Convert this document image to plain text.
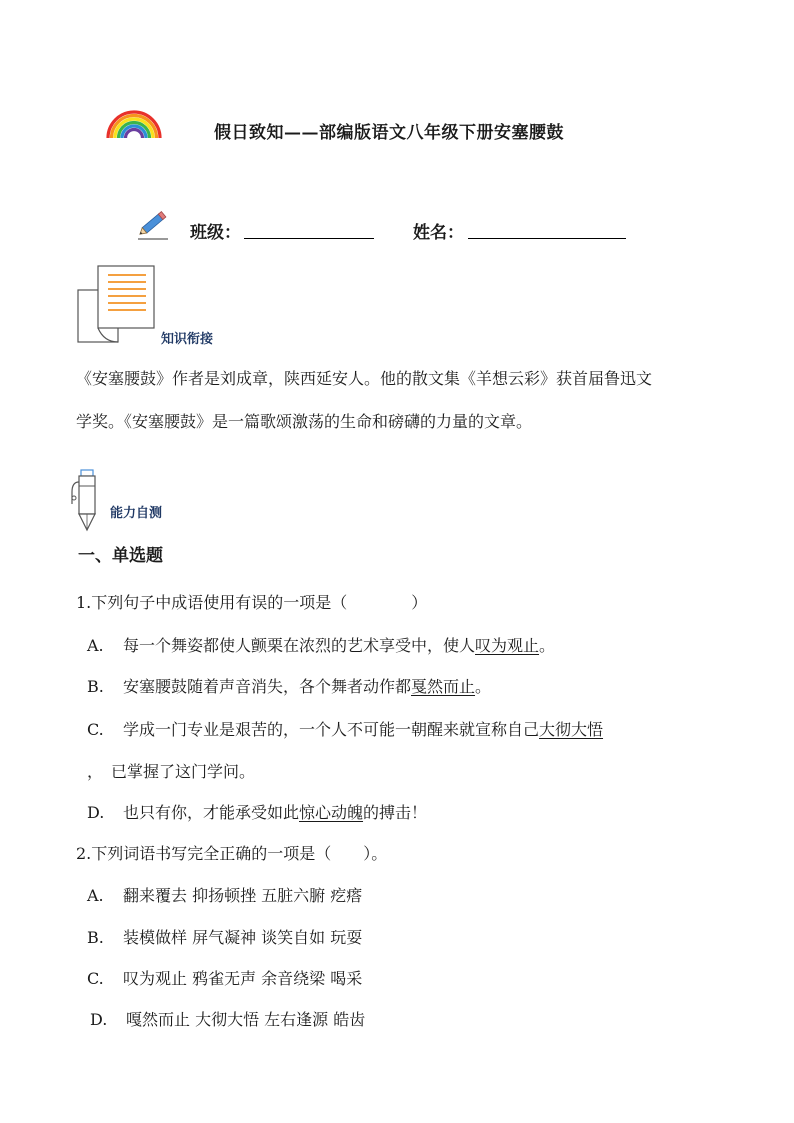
假日致知——部编版语文八年级下册安塞腰鼓
班级：	姓名：
知识衔接
《安塞腰鼓》作者是刘成章，陕西延安人。他的散文集《羊想云彩》获首届鲁迅文
学奖。《安塞腰鼓》是一篇歌颂激荡的生命和磅礴的力量的文章。
能力自测
一、单选题
1.下列句子中成语使用有误的一项是（　　　　）
A. 每一个舞姿都使人颤栗在浓烈的艺术享受中，使人叹为观止。
B. 安塞腰鼓随着声音消失，各个舞者动作都戛然而止。
C. 学成一门专业是艰苦的，一个人不可能一朝醒来就宣称自己大彻大悟
，　已掌握了这门学问。
D. 也只有你，才能承受如此惊心动魄的搏击！
2.下列词语书写完全正确的一项是（　　）。
A. 翻来覆去 抑扬顿挫 五脏六腑 疙瘩
B. 装模做样 屏气凝神 谈笑自如 玩耍
C. 叹为观止 鸦雀无声 余音绕梁 喝采
D. 嘎然而止 大彻大悟 左右逢源 皓齿
